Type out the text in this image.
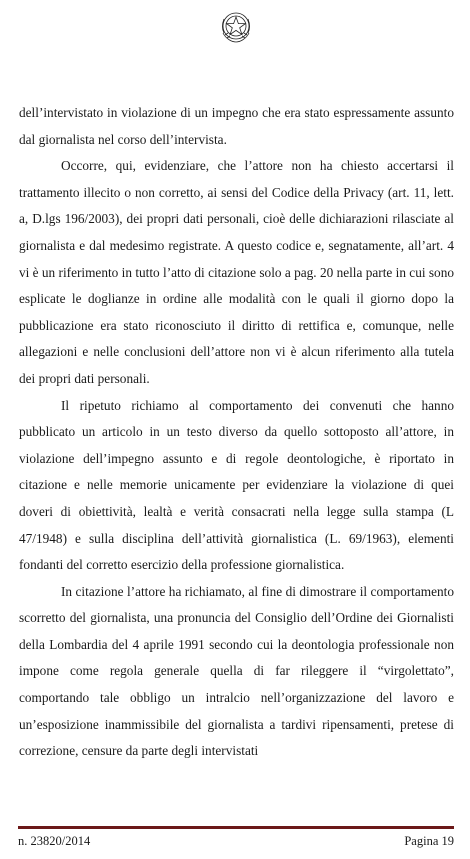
dell’intervistato in violazione di un impegno che era stato espressamente assunto dal giornalista nel corso dell’intervista.

Occorre, qui, evidenziare, che l’attore non ha chiesto accertarsi il trattamento illecito o non corretto, ai sensi del Codice della Privacy (art. 11, lett. a, D.lgs 196/2003), dei propri dati personali, cioè delle dichiarazioni rilasciate al giornalista e dal medesimo registrate. A questo codice e, segnatamente, all’art. 4 vi è un riferimento in tutto l’atto di citazione solo a pag. 20 nella parte in cui sono esplicate le doglianze in ordine alle modalità con le quali il giorno dopo la pubblicazione era stato riconosciuto il diritto di rettifica e, comunque, nelle allegazioni e nelle conclusioni dell’attore non vi è alcun riferimento alla tutela dei propri dati personali.

Il ripetuto richiamo al comportamento dei convenuti che hanno pubblicato un articolo in un testo diverso da quello sottoposto all’attore, in violazione dell’impegno assunto e di regole deontologiche, è riportato in citazione e nelle memorie unicamente per evidenziare la violazione di quei doveri di obiettività, lealtà e verità consacrati nella legge sulla stampa (L 47/1948) e sulla disciplina dell’attività giornalistica (L. 69/1963), elementi fondanti del corretto esercizio della professione giornalistica.

In citazione l’attore ha richiamato, al fine di dimostrare il comportamento scorretto del giornalista, una pronuncia del Consiglio dell’Ordine dei Giornalisti della Lombardia del 4 aprile 1991 secondo cui la deontologia professionale non impone come regola generale quella di far rileggere il “virgolettato”, comportando tale obbligo un intralcio nell’organizzazione del lavoro e un’esposizione inammissibile del giornalista a tardivi ripensamenti, pretese di correzione, censure da parte degli intervistati

n. 23820/2014	Pagina 19
